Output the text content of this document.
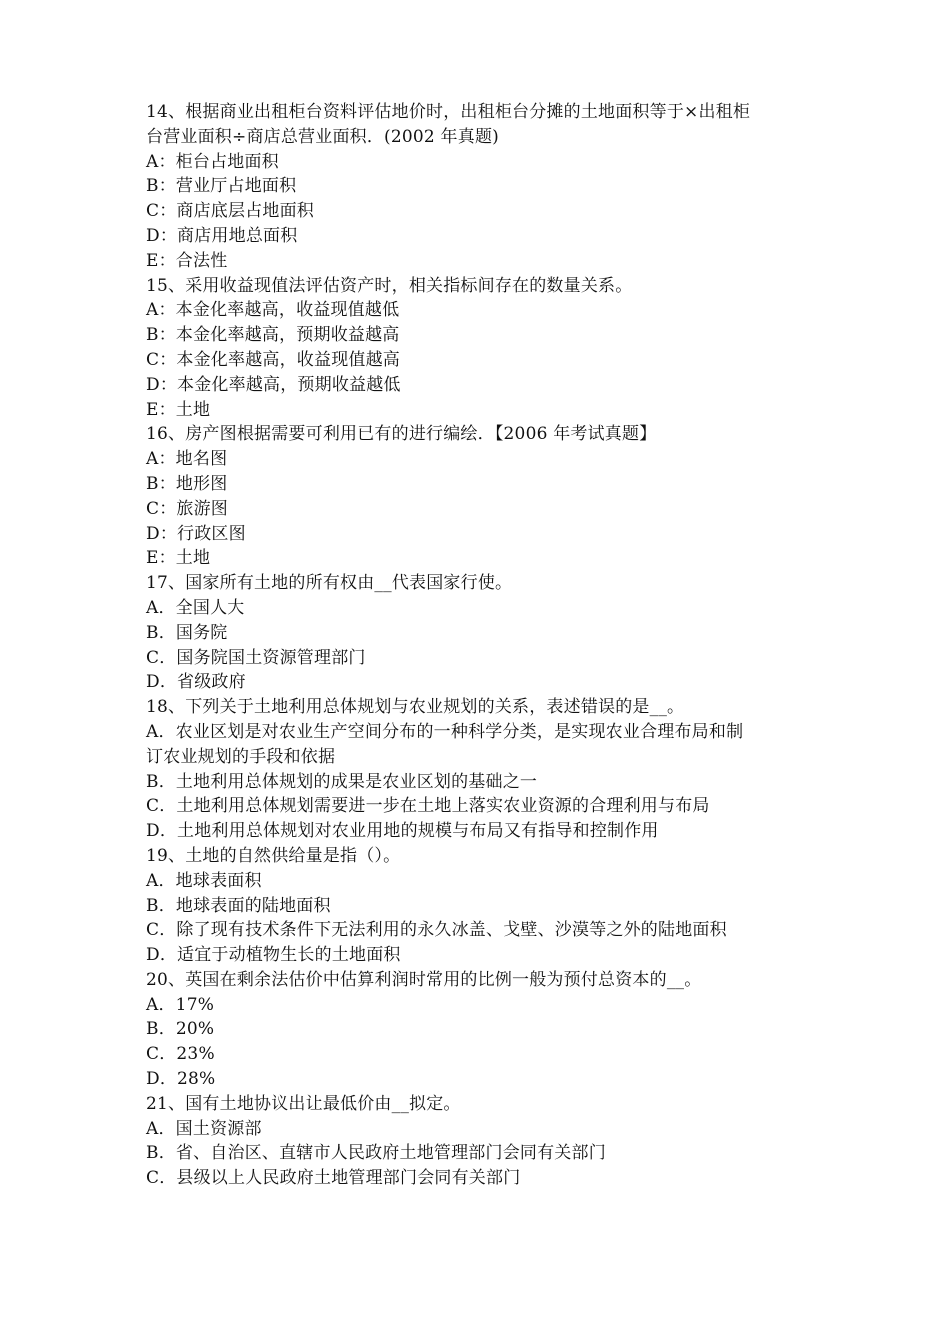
14、根据商业出租柜台资料评估地价时，出租柜台分摊的土地面积等于×出租柜
台营业面积÷商店总营业面积．(2002 年真题)
A：柜台占地面积
B：营业厅占地面积
C：商店底层占地面积
D：商店用地总面积
E：合法性
15、采用收益现值法评估资产时，相关指标间存在的数量关系。
A：本金化率越高，收益现值越低
B：本金化率越高，预期收益越高
C：本金化率越高，收益现值越高
D：本金化率越高，预期收益越低
E：土地
16、房产图根据需要可利用已有的进行编绘．【2006 年考试真题】
A：地名图
B：地形图
C：旅游图
D：行政区图
E：土地
17、国家所有土地的所有权由__代表国家行使。
A．全国人大
B．国务院
C．国务院国土资源管理部门
D．省级政府
18、下列关于土地利用总体规划与农业规划的关系，表述错误的是__。
A．农业区划是对农业生产空间分布的一种科学分类，是实现农业合理布局和制
订农业规划的手段和依据
B．土地利用总体规划的成果是农业区划的基础之一
C．土地利用总体规划需要进一步在土地上落实农业资源的合理利用与布局
D．土地利用总体规划对农业用地的规模与布局又有指导和控制作用
19、土地的自然供给量是指（）。
A．地球表面积
B．地球表面的陆地面积
C．除了现有技术条件下无法利用的永久冰盖、戈壁、沙漠等之外的陆地面积
D．适宜于动植物生长的土地面积
20、英国在剩余法估价中估算利润时常用的比例一般为预付总资本的__。
A．17%
B．20%
C．23%
D．28%
21、国有土地协议出让最低价由__拟定。
A．国土资源部
B．省、自治区、直辖市人民政府土地管理部门会同有关部门
C．县级以上人民政府土地管理部门会同有关部门
